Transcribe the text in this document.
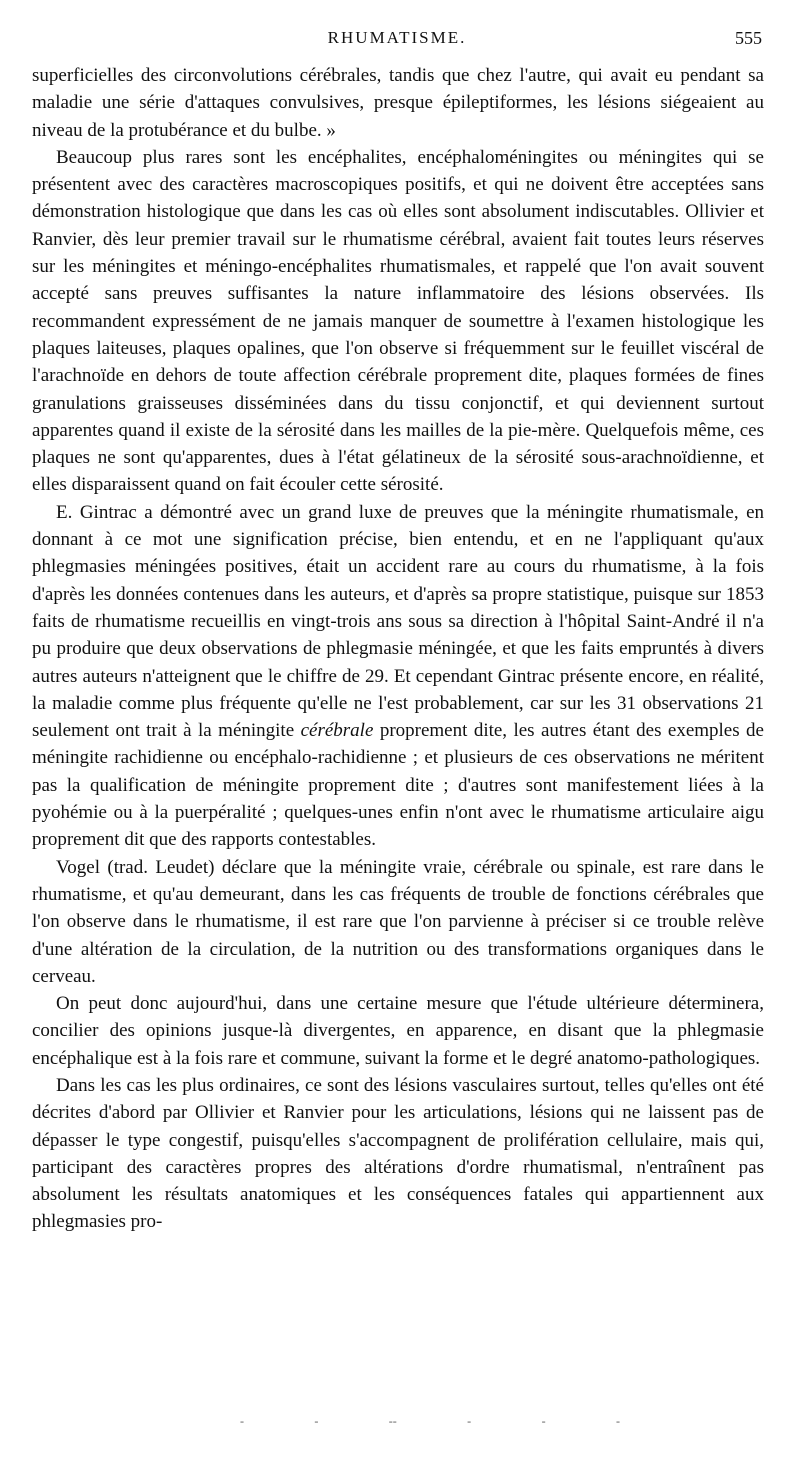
RHUMATISME.	555

superficielles des circonvolutions cérébrales, tandis que chez l'autre, qui avait eu pendant sa maladie une série d'attaques convulsives, presque épileptiformes, les lésions siégeaient au niveau de la protubérance et du bulbe. »

Beaucoup plus rares sont les encéphalites, encéphaloméningites ou méningites qui se présentent avec des caractères macroscopiques positifs, et qui ne doivent être acceptées sans démonstration histologique que dans les cas où elles sont absolument indiscutables. Ollivier et Ranvier, dès leur premier travail sur le rhumatisme cérébral, avaient fait toutes leurs réserves sur les méningites et méningo-encéphalites rhumatismales, et rappelé que l'on avait souvent accepté sans preuves suffisantes la nature inflammatoire des lésions observées. Ils recommandent expressément de ne jamais manquer de soumettre à l'examen histologique les plaques laiteuses, plaques opalines, que l'on observe si fréquemment sur le feuillet viscéral de l'arachnoïde en dehors de toute affection cérébrale proprement dite, plaques formées de fines granulations graisseuses disséminées dans du tissu conjonctif, et qui deviennent surtout apparentes quand il existe de la sérosité dans les mailles de la pie-mère. Quelquefois même, ces plaques ne sont qu'apparentes, dues à l'état gélatineux de la sérosité sous-arachnoïdienne, et elles disparaissent quand on fait écouler cette sérosité.

E. Gintrac a démontré avec un grand luxe de preuves que la méningite rhumatismale, en donnant à ce mot une signification précise, bien entendu, et en ne l'appliquant qu'aux phlegmasies méningées positives, était un accident rare au cours du rhumatisme, à la fois d'après les données contenues dans les auteurs, et d'après sa propre statistique, puisque sur 1853 faits de rhumatisme recueillis en vingt-trois ans sous sa direction à l'hôpital Saint-André il n'a pu produire que deux observations de phlegmasie méningée, et que les faits empruntés à divers autres auteurs n'atteignent que le chiffre de 29. Et cependant Gintrac présente encore, en réalité, la maladie comme plus fréquente qu'elle ne l'est probablement, car sur les 31 observations 21 seulement ont trait à la méningite cérébrale proprement dite, les autres étant des exemples de méningite rachidienne ou encéphalo-rachidienne ; et plusieurs de ces observations ne méritent pas la qualification de méningite proprement dite ; d'autres sont manifestement liées à la pyohémie ou à la puerpéralité ; quelques-unes enfin n'ont avec le rhumatisme articulaire aigu proprement dit que des rapports contestables.

Vogel (trad. Leudet) déclare que la méningite vraie, cérébrale ou spinale, est rare dans le rhumatisme, et qu'au demeurant, dans les cas fréquents de trouble de fonctions cérébrales que l'on observe dans le rhumatisme, il est rare que l'on parvienne à préciser si ce trouble relève d'une altération de la circulation, de la nutrition ou des transformations organiques dans le cerveau.

On peut donc aujourd'hui, dans une certaine mesure que l'étude ultérieure déterminera, concilier des opinions jusque-là divergentes, en apparence, en disant que la phlegmasie encéphalique est à la fois rare et commune, suivant la forme et le degré anatomo-pathologiques.

Dans les cas les plus ordinaires, ce sont des lésions vasculaires surtout, telles qu'elles ont été décrites d'abord par Ollivier et Ranvier pour les articulations, lésions qui ne laissent pas de dépasser le type congestif, puisqu'elles s'accompagnent de prolifération cellulaire, mais qui, participant des caractères propres des altérations d'ordre rhumatismal, n'entraînent pas absolument les résultats anatomiques et les conséquences fatales qui appartiennent aux phlegmasies pro-

-	-	--	-	-	-
